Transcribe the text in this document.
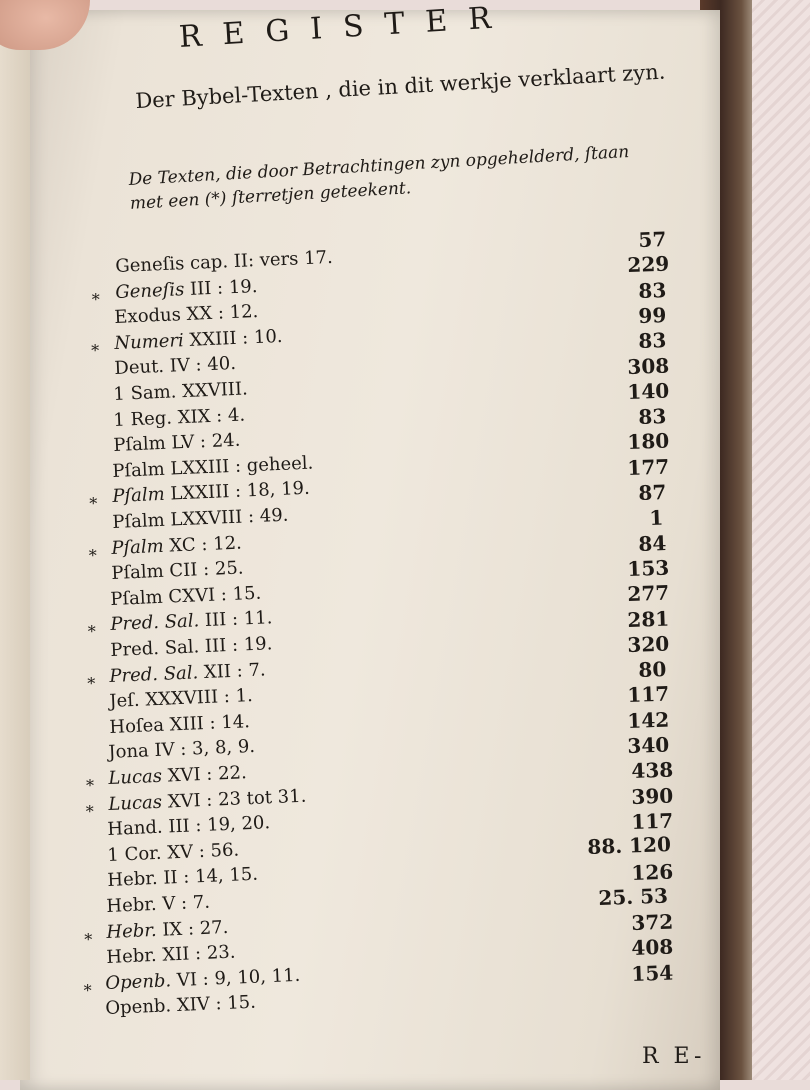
REGISTER
Der Bybel-Texten , die in dit werkje verklaart zyn.
De Texten, die door Betrachtingen zyn opgehelderd, ſtaan met een (*) ſterretjen geteekent.
Geneſis cap. II: vers 17.
* Geneſis III : 19.
Exodus XX : 12.
* Numeri XXIII : 10.
Deut. IV : 40.
1 Sam. XXVIII.
1 Reg. XIX : 4.
Pſalm LV : 24.
Pſalm LXXIII : geheel.
* Pſalm LXXIII : 18, 19.
Pſalm LXXVIII : 49.
* Pſalm XC : 12.
Pſalm CII : 25.
Pſalm CXVI : 15.
* Pred. Sal. III : 11.
Pred. Sal. III : 19.
* Pred. Sal. XII : 7.
Jeſ. XXXVIII : 1.
Hoſea XIII : 14.
Jona IV : 3, 8, 9.
* Lucas XVI : 22.
* Lucas XVI : 23 tot 31.
Hand. III : 19, 20.
1 Cor. XV : 56.
Hebr. II : 14, 15.
Hebr. V : 7.
* Hebr. IX : 27.
Hebr. XII : 23.
* Openb. VI : 9, 10, 11.
Openb. XIV : 15.
57
229
83
99
83
308
140
83
180
177
87
1
84
153
277
281
320
80
117
142
340
438
390
117
88. 120
126
25. 53
372
408
154
R E-
